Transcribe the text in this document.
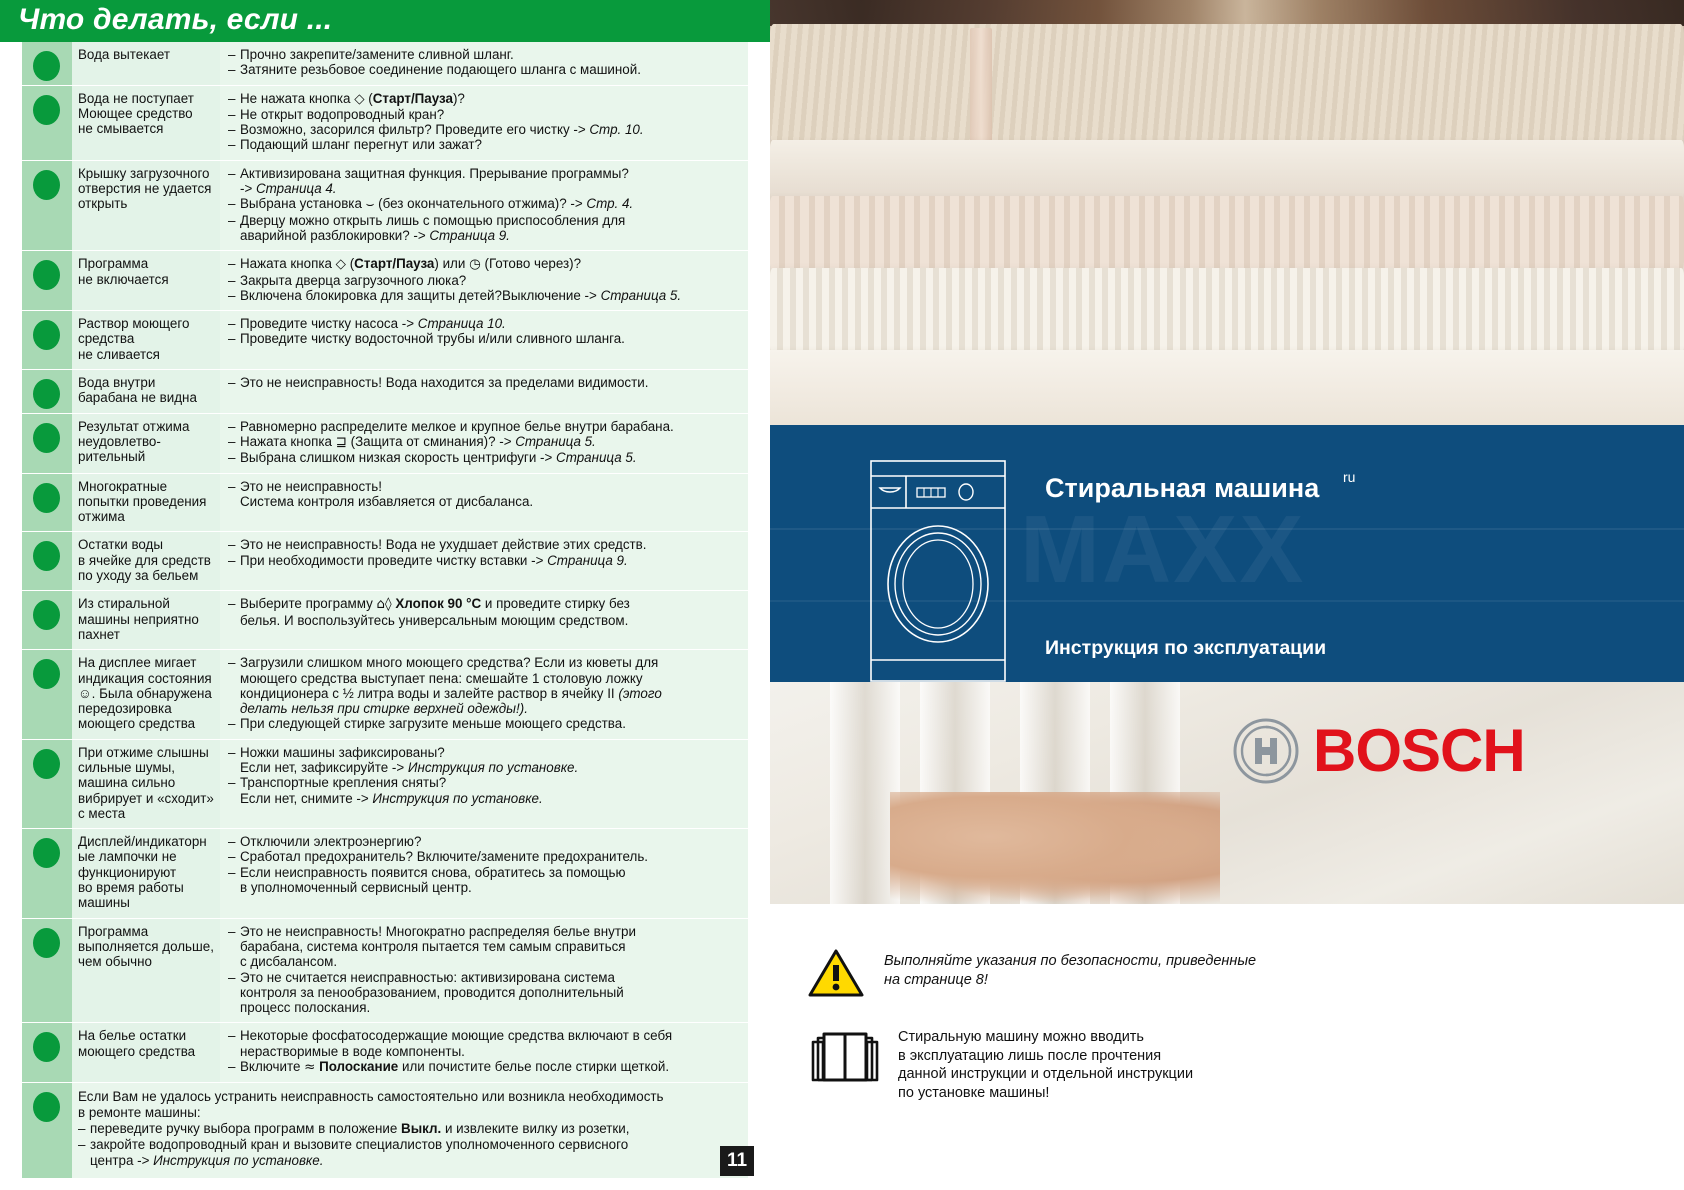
Что делать, если ...
Вода вытекает	– Прочно закрепите/замените сливной шланг.
– Затяните резьбовое соединение подающего шланга с машиной.
Вода не поступает
Моющее средство
не смывается
– Не нажата кнопка ◇ (Старт/Пауза)?
– Не открыт водопроводный кран?
– Возможно, засорился фильтр? Проведите его чистку -> Стр. 10.
– Подающий шланг перегнут или зажат?
Крышку загрузочного
отверстия не удается
открыть
– Активизирована защитная функция. Прерывание программы?
-> Страница 4.
– Выбрана установка ⌣ (без окончательного отжима)? -> Стр. 4.
– Дверцу можно открыть лишь с помощью приспособления для
аварийной разблокировки? -> Страница 9.
Программа
не включается
– Нажата кнопка ◇ (Старт/Пауза) или ◷ (Готово через)?
– Закрыта дверца загрузочного люка?
– Включена блокировка для защиты детей?Выключение -> Страница 5.
Раствор моющего
средства
не сливается
– Проведите чистку насоса -> Страница 10.
– Проведите чистку водосточной трубы и/или сливного шланга.
Вода внутри
барабана не видна
– Это не неисправность! Вода находится за пределами видимости.
Результат отжима
неудовлетво-
рительный
– Равномерно распределите мелкое и крупное белье внутри барабана.
– Нажата кнопка ⊒ (Защита от сминания)? -> Страница 5.
– Выбрана слишком низкая скорость центрифуги -> Страница 5.
Многократные
попытки проведения
отжима
– Это не неисправность!
Система контроля избавляется от дисбаланса.
Остатки воды
в ячейке для средств
по уходу за бельем
– Это не неисправность! Вода не ухудшает действие этих средств.
– При необходимости проведите чистку вставки -> Страница 9.
Из стиральной
машины неприятно
пахнет
– Выберите программу ⌂◊ Хлопок 90 °C и проведите стирку без
белья. И воспользуйтесь универсальным моющим средством.
На дисплее мигает
индикация состояния
☺. Была обнаружена
передозировка
моющего средства
– Загрузили слишком много моющего средства? Если из кюветы для
моющего средства выступает пена: смешайте 1 столовую ложку
кондиционера с ½ литра воды и залейте раствор в ячейку II (этого
делать нельзя при стирке верхней одежды!).
– При следующей стирке загрузите меньше моющего средства.
При отжиме слышны
сильные шумы,
машина сильно
вибрирует и «сходит»
с места
– Ножки машины зафиксированы?
Если нет, зафиксируйте -> Инструкция по установке.
– Транспортные крепления сняты?
Если нет, снимите -> Инструкция по установке.
Дисплей/индикаторн
ые лампочки не
функционируют
во время работы
машины
– Отключили электроэнергию?
– Сработал предохранитель? Включите/замените предохранитель.
– Если неисправность появится снова, обратитесь за помощью
в уполномоченный сервисный центр.
Программа
выполняется дольше,
чем обычно
– Это не неисправность! Многократно распределяя белье внутри
барабана, система контроля пытается тем самым справиться
с дисбалансом.
– Это не считается неисправностью: активизирована система
контроля за пенообразованием, проводится дополнительный
процесс полоскания.
На белье остатки
моющего средства
– Некоторые фосфатосодержащие моющие средства включают в себя
нерастворимые в воде компоненты.
– Включите ≈ Полоскание или почистите белье после стирки щеткой.
Если Вам не удалось устранить неисправность самостоятельно или возникла необходимость
в ремонте машины:
– переведите ручку выбора программ в положение Выкл. и извлеките вилку из розетки,
– закройте водопроводный кран и вызовите специалистов уполномоченного сервисного
центра -> Инструкция по установке.	11
MAXX
Стиральная машина ru
Инструкция по эксплуатации
BOSCH
Выполняйте указания по безопасности, приведенные
на странице 8!
Стиральную машину можно вводить
в эксплуатацию лишь после прочтения
данной инструкции и отдельной инструкции
по установке машины!
